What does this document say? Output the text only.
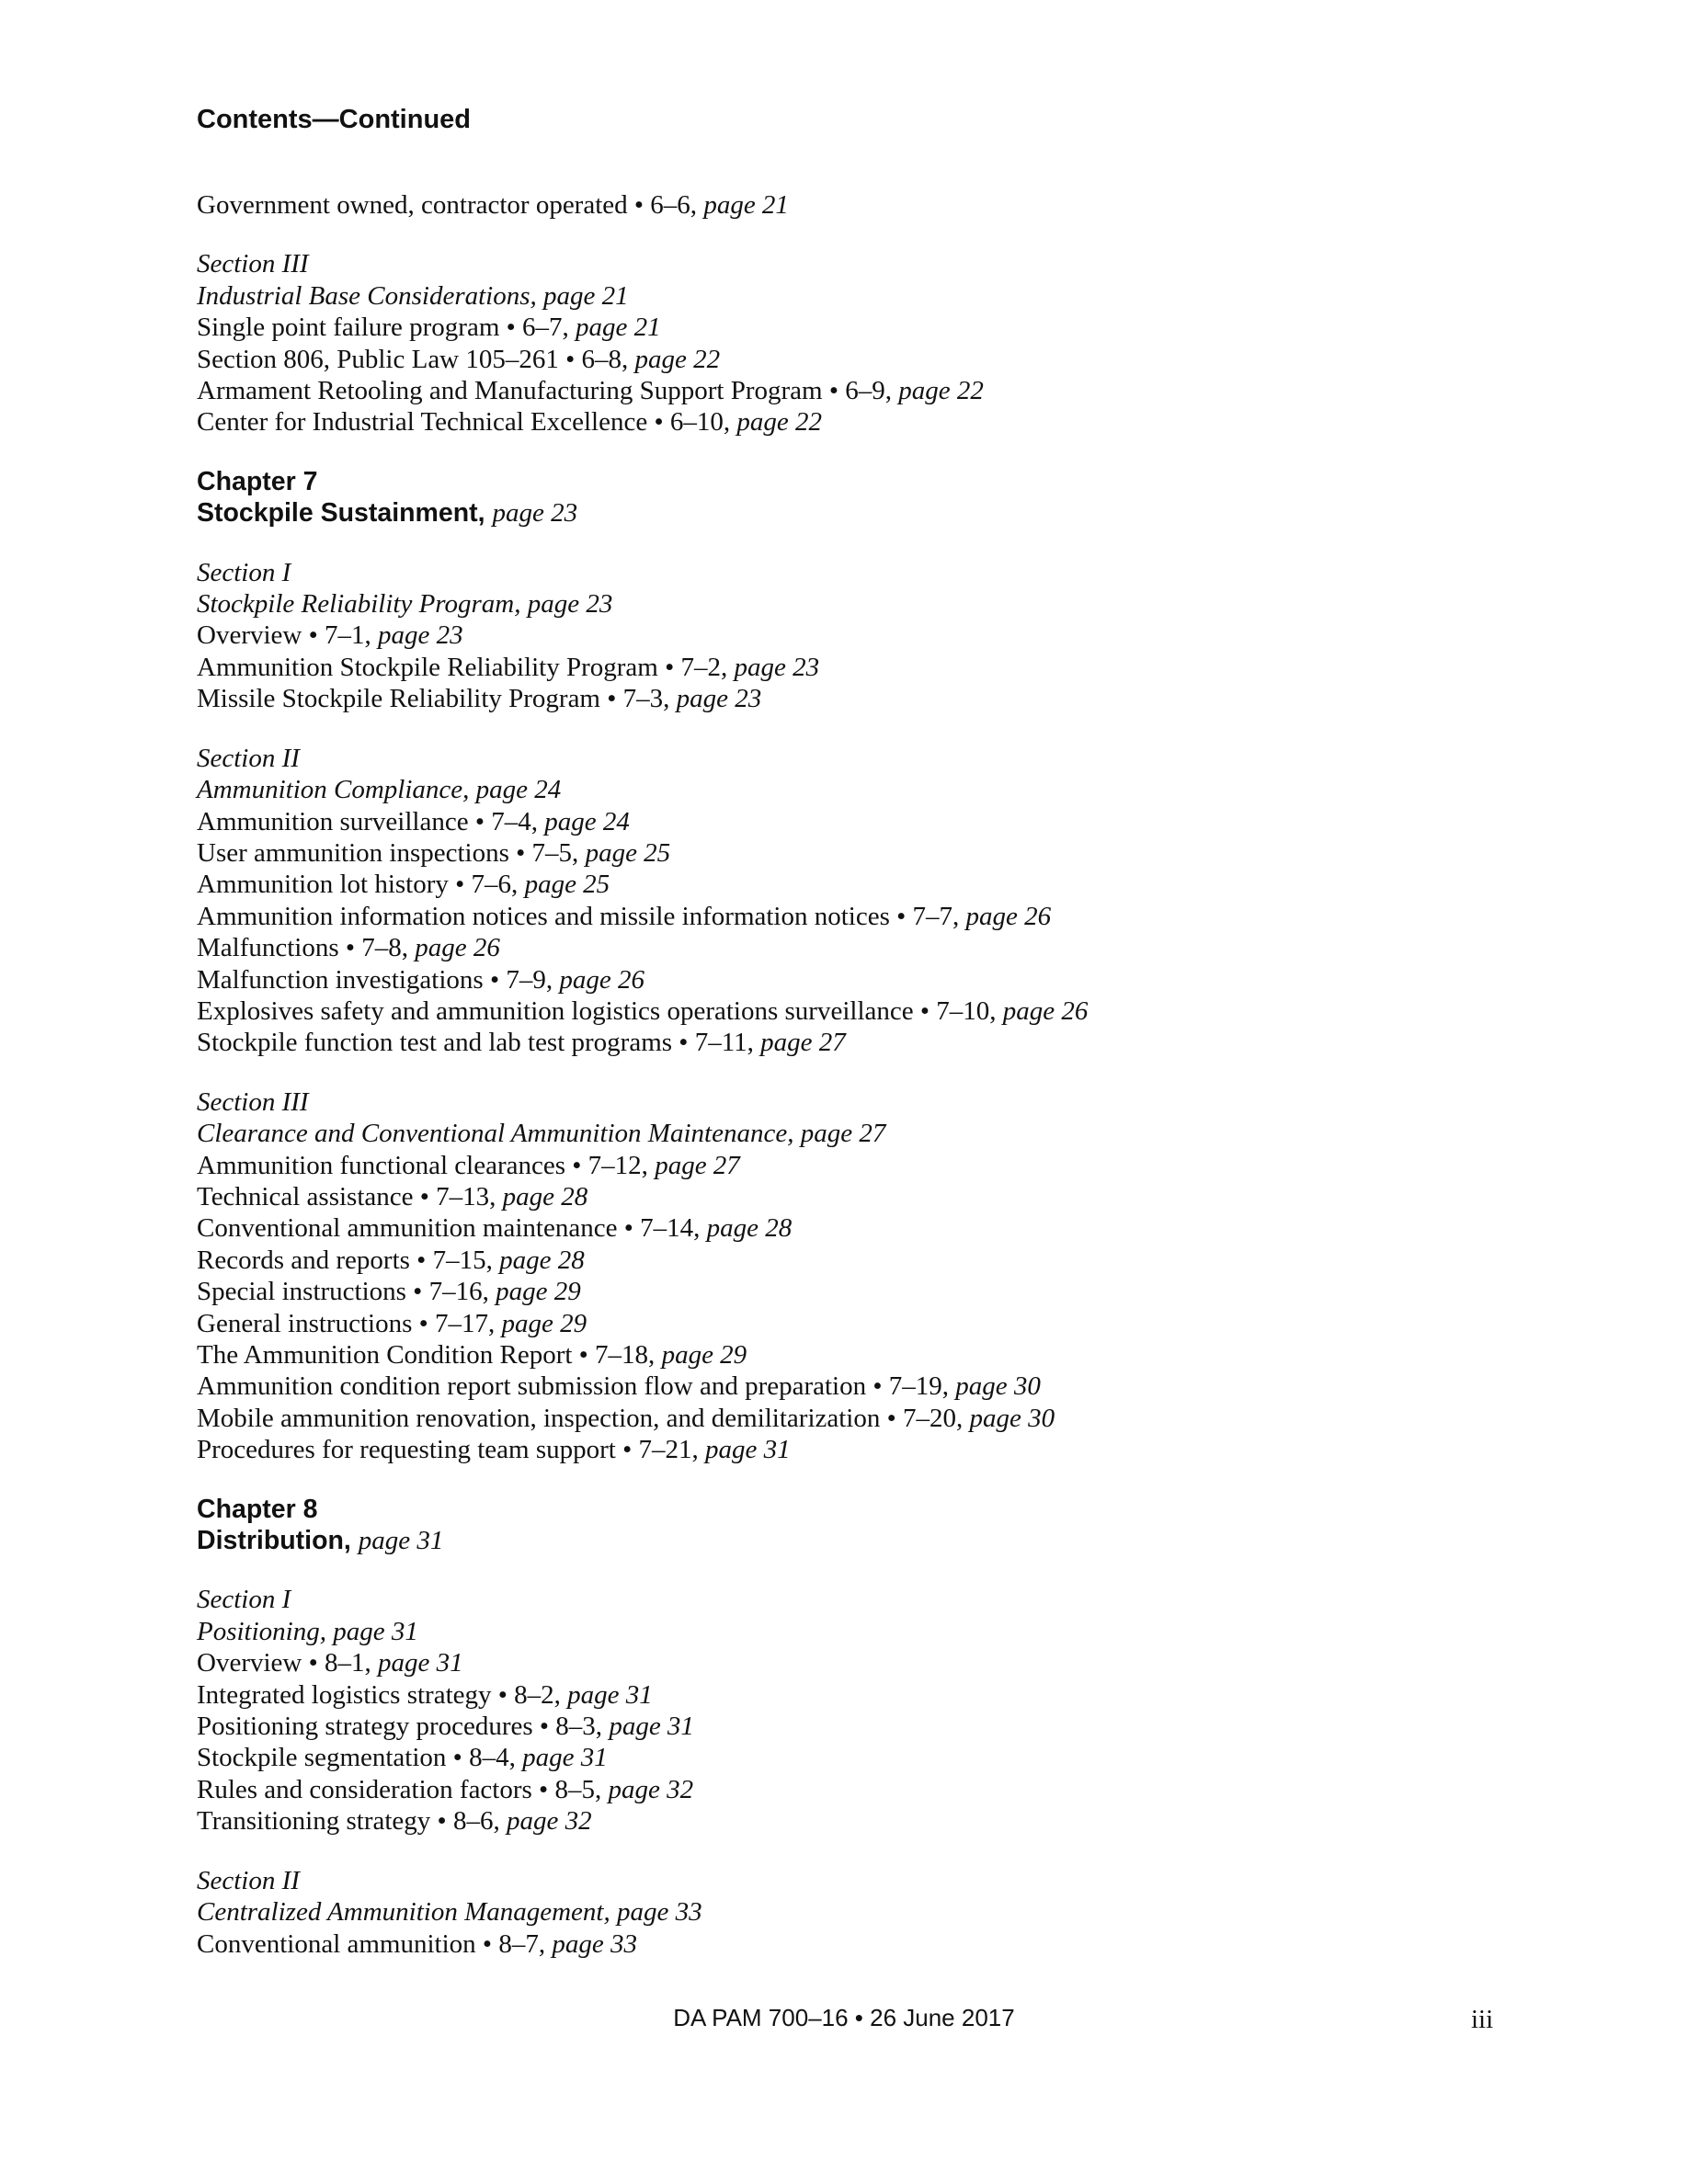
Contents—Continued
Government owned, contractor operated • 6–6, page 21
Section III
Industrial Base Considerations, page 21
Single point failure program • 6–7, page 21
Section 806, Public Law 105–261 • 6–8, page 22
Armament Retooling and Manufacturing Support Program • 6–9, page 22
Center for Industrial Technical Excellence • 6–10, page 22
Chapter 7
Stockpile Sustainment, page 23
Section I
Stockpile Reliability Program, page 23
Overview • 7–1, page 23
Ammunition Stockpile Reliability Program • 7–2, page 23
Missile Stockpile Reliability Program • 7–3, page 23
Section II
Ammunition Compliance, page 24
Ammunition surveillance • 7–4, page 24
User ammunition inspections • 7–5, page 25
Ammunition lot history • 7–6, page 25
Ammunition information notices and missile information notices • 7–7, page 26
Malfunctions • 7–8, page 26
Malfunction investigations • 7–9, page 26
Explosives safety and ammunition logistics operations surveillance • 7–10, page 26
Stockpile function test and lab test programs • 7–11, page 27
Section III
Clearance and Conventional Ammunition Maintenance, page 27
Ammunition functional clearances • 7–12, page 27
Technical assistance • 7–13, page 28
Conventional ammunition maintenance • 7–14, page 28
Records and reports • 7–15, page 28
Special instructions • 7–16, page 29
General instructions • 7–17, page 29
The Ammunition Condition Report • 7–18, page 29
Ammunition condition report submission flow and preparation • 7–19, page 30
Mobile ammunition renovation, inspection, and demilitarization • 7–20, page 30
Procedures for requesting team support • 7–21, page 31
Chapter 8
Distribution, page 31
Section I
Positioning, page 31
Overview • 8–1, page 31
Integrated logistics strategy • 8–2, page 31
Positioning strategy procedures • 8–3, page 31
Stockpile segmentation • 8–4, page 31
Rules and consideration factors • 8–5, page 32
Transitioning strategy • 8–6, page 32
Section II
Centralized Ammunition Management, page 33
Conventional ammunition • 8–7, page 33
DA PAM 700–16 • 26 June 2017	iii
